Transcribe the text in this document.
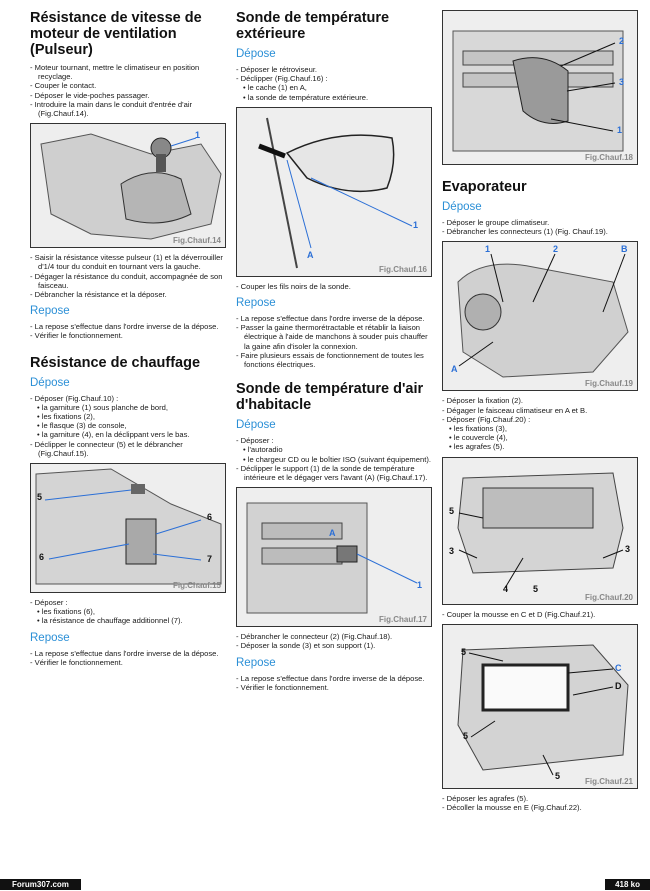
Résistance de vitesse de moteur de ventilation (Pulseur)
- Moteur tournant, mettre le climatiseur en position recyclage.
- Couper le contact.
- Déposer le vide-poches passager.
- Introduire la main dans le conduit d'entrée d'air (Fig.Chauf.14).
1
Fig.Chauf.14
- Saisir la résistance vitesse pulseur (1) et la déverrouiller d'1/4 tour du conduit en tournant vers la gauche.
- Dégager la résistance du conduit, accompagnée de son faisceau.
- Débrancher la résistance et la déposer.
Repose
- La repose s'effectue dans l'ordre inverse de la dépose.
- Vérifier le fonctionnement.
Résistance de chauffage
Dépose
- Déposer (Fig.Chauf.10) :
• la garniture (1) sous planche de bord,
• les fixations (2),
• le flasque (3) de console,
• la garniture (4), en la déclippant vers le bas.
- Déclipper le connecteur (5) et le débrancher (Fig.Chauf.15).
5
6
6	7
Fig.Chauf.15
- Déposer :
• les fixations (6),
• la résistance de chauffage additionnel (7).
Repose
- La repose s'effectue dans l'ordre inverse de la dépose.
- Vérifier le fonctionnement.
Sonde de température extérieure
Dépose
- Déposer le rétroviseur.
- Déclipper (Fig.Chauf.16) :
• le cache (1) en A,
• la sonde de température extérieure.
1
A
Fig.Chauf.16
- Couper les fils noirs de la sonde.
Repose
- La repose s'effectue dans l'ordre inverse de la dépose.
- Passer la gaine thermorétractable et rétablir la liaison électrique à l'aide de manchons à souder puis chauffer la gaine afin d'isoler la connexion.
- Faire plusieurs essais de fonctionnement de toutes les fonctions électriques.
Sonde de température d'air d'habitacle
Dépose
- Déposer :
• l'autoradio
• le chargeur CD ou le boîtier ISO (suivant équipement).
- Déclipper le support (1) de la sonde de température intérieure et le dégager vers l'avant (A) (Fig.Chauf.17).
A
1
Fig.Chauf.17
- Débrancher le connecteur (2) (Fig.Chauf.18).
- Déposer la sonde (3) et son support (1).
Repose
- La repose s'effectue dans l'ordre inverse de la dépose.
- Vérifier le fonctionnement.
2
3
1
Fig.Chauf.18
Evaporateur
Dépose
- Déposer le groupe climatiseur.
- Débrancher les connecteurs (1) (Fig. Chauf.19).
1	2	B
A
Fig.Chauf.19
- Déposer la fixation (2).
- Dégager le faisceau climatiseur en A et B.
- Déposer (Fig.Chauf.20) :
• les fixations (3),
• le couvercle (4),
• les agrafes (5).
5
3	3
4	5
Fig.Chauf.20
- Couper la mousse en C et D (Fig.Chauf.21).
5
C
D
5
5
Fig.Chauf.21
- Déposer les agrafes (5).
- Décoller la mousse en E (Fig.Chauf.22).
Forum307.com	418 ko
